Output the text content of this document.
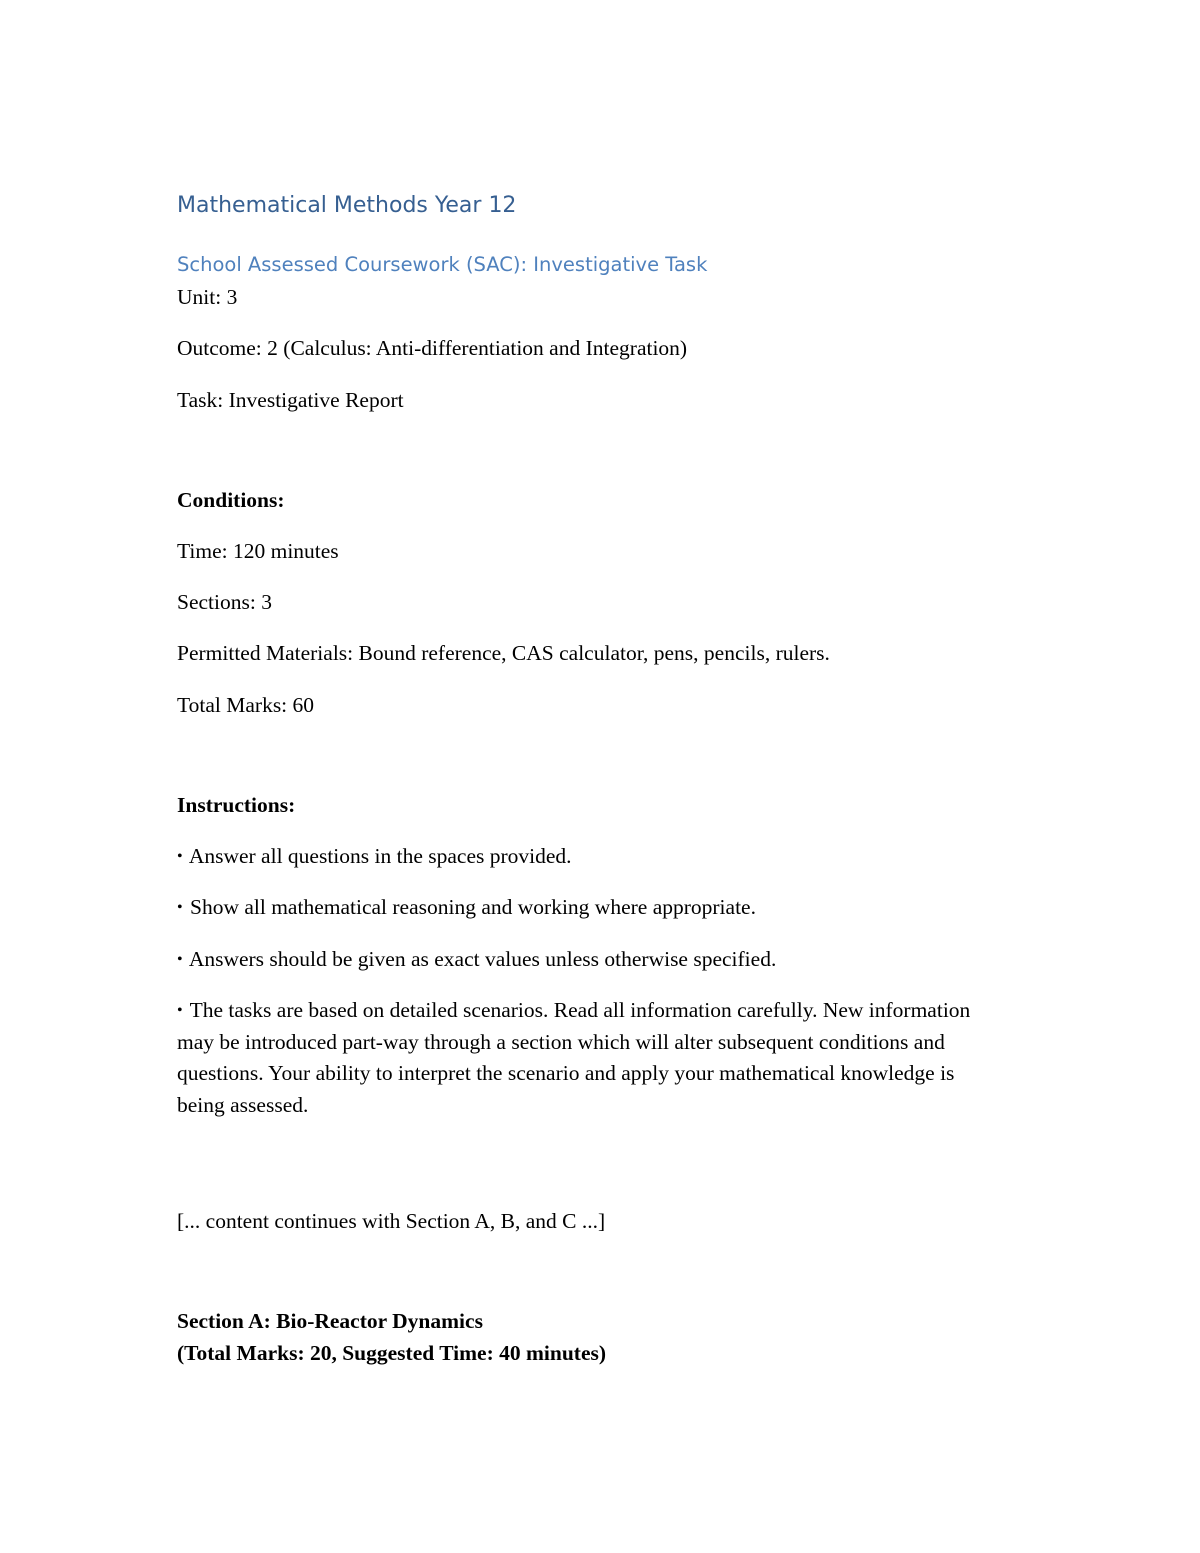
Mathematical Methods Year 12

School Assessed Coursework (SAC): Investigative Task

Unit: 3

Outcome: 2 (Calculus: Anti-differentiation and Integration)

Task: Investigative Report

Conditions:

Time: 120 minutes

Sections: 3

Permitted Materials: Bound reference, CAS calculator, pens, pencils, rulers.

Total Marks: 60

Instructions:

• Answer all questions in the spaces provided.

• Show all mathematical reasoning and working where appropriate.

• Answers should be given as exact values unless otherwise specified.

• The tasks are based on detailed scenarios. Read all information carefully. New information may be introduced part-way through a section which will alter subsequent conditions and questions. Your ability to interpret the scenario and apply your mathematical knowledge is being assessed.

[... content continues with Section A, B, and C ...]

Section A: Bio-Reactor Dynamics

(Total Marks: 20, Suggested Time: 40 minutes)
